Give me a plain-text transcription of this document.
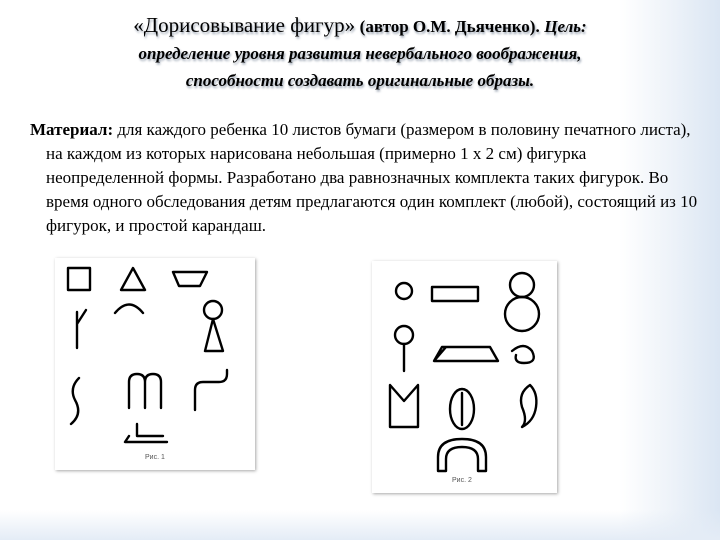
«Дорисовывание фигур» (автор О.М. Дьяченко). Цель:
определение уровня развития невербального воображения,
способности создавать оригинальные образы.
Материал: для каждого ребенка 10 листов бумаги (размером в половину печатного листа), на каждом из которых нарисована небольшая (примерно 1 х 2 см) фигурка неопределенной формы. Разработано два равнозначных комплекта таких фигурок. Во время одного обследования детям предлагаются один комплект (любой), состоящий из 10 фигурок, и простой карандаш.
Рис. 1
Рис. 2
